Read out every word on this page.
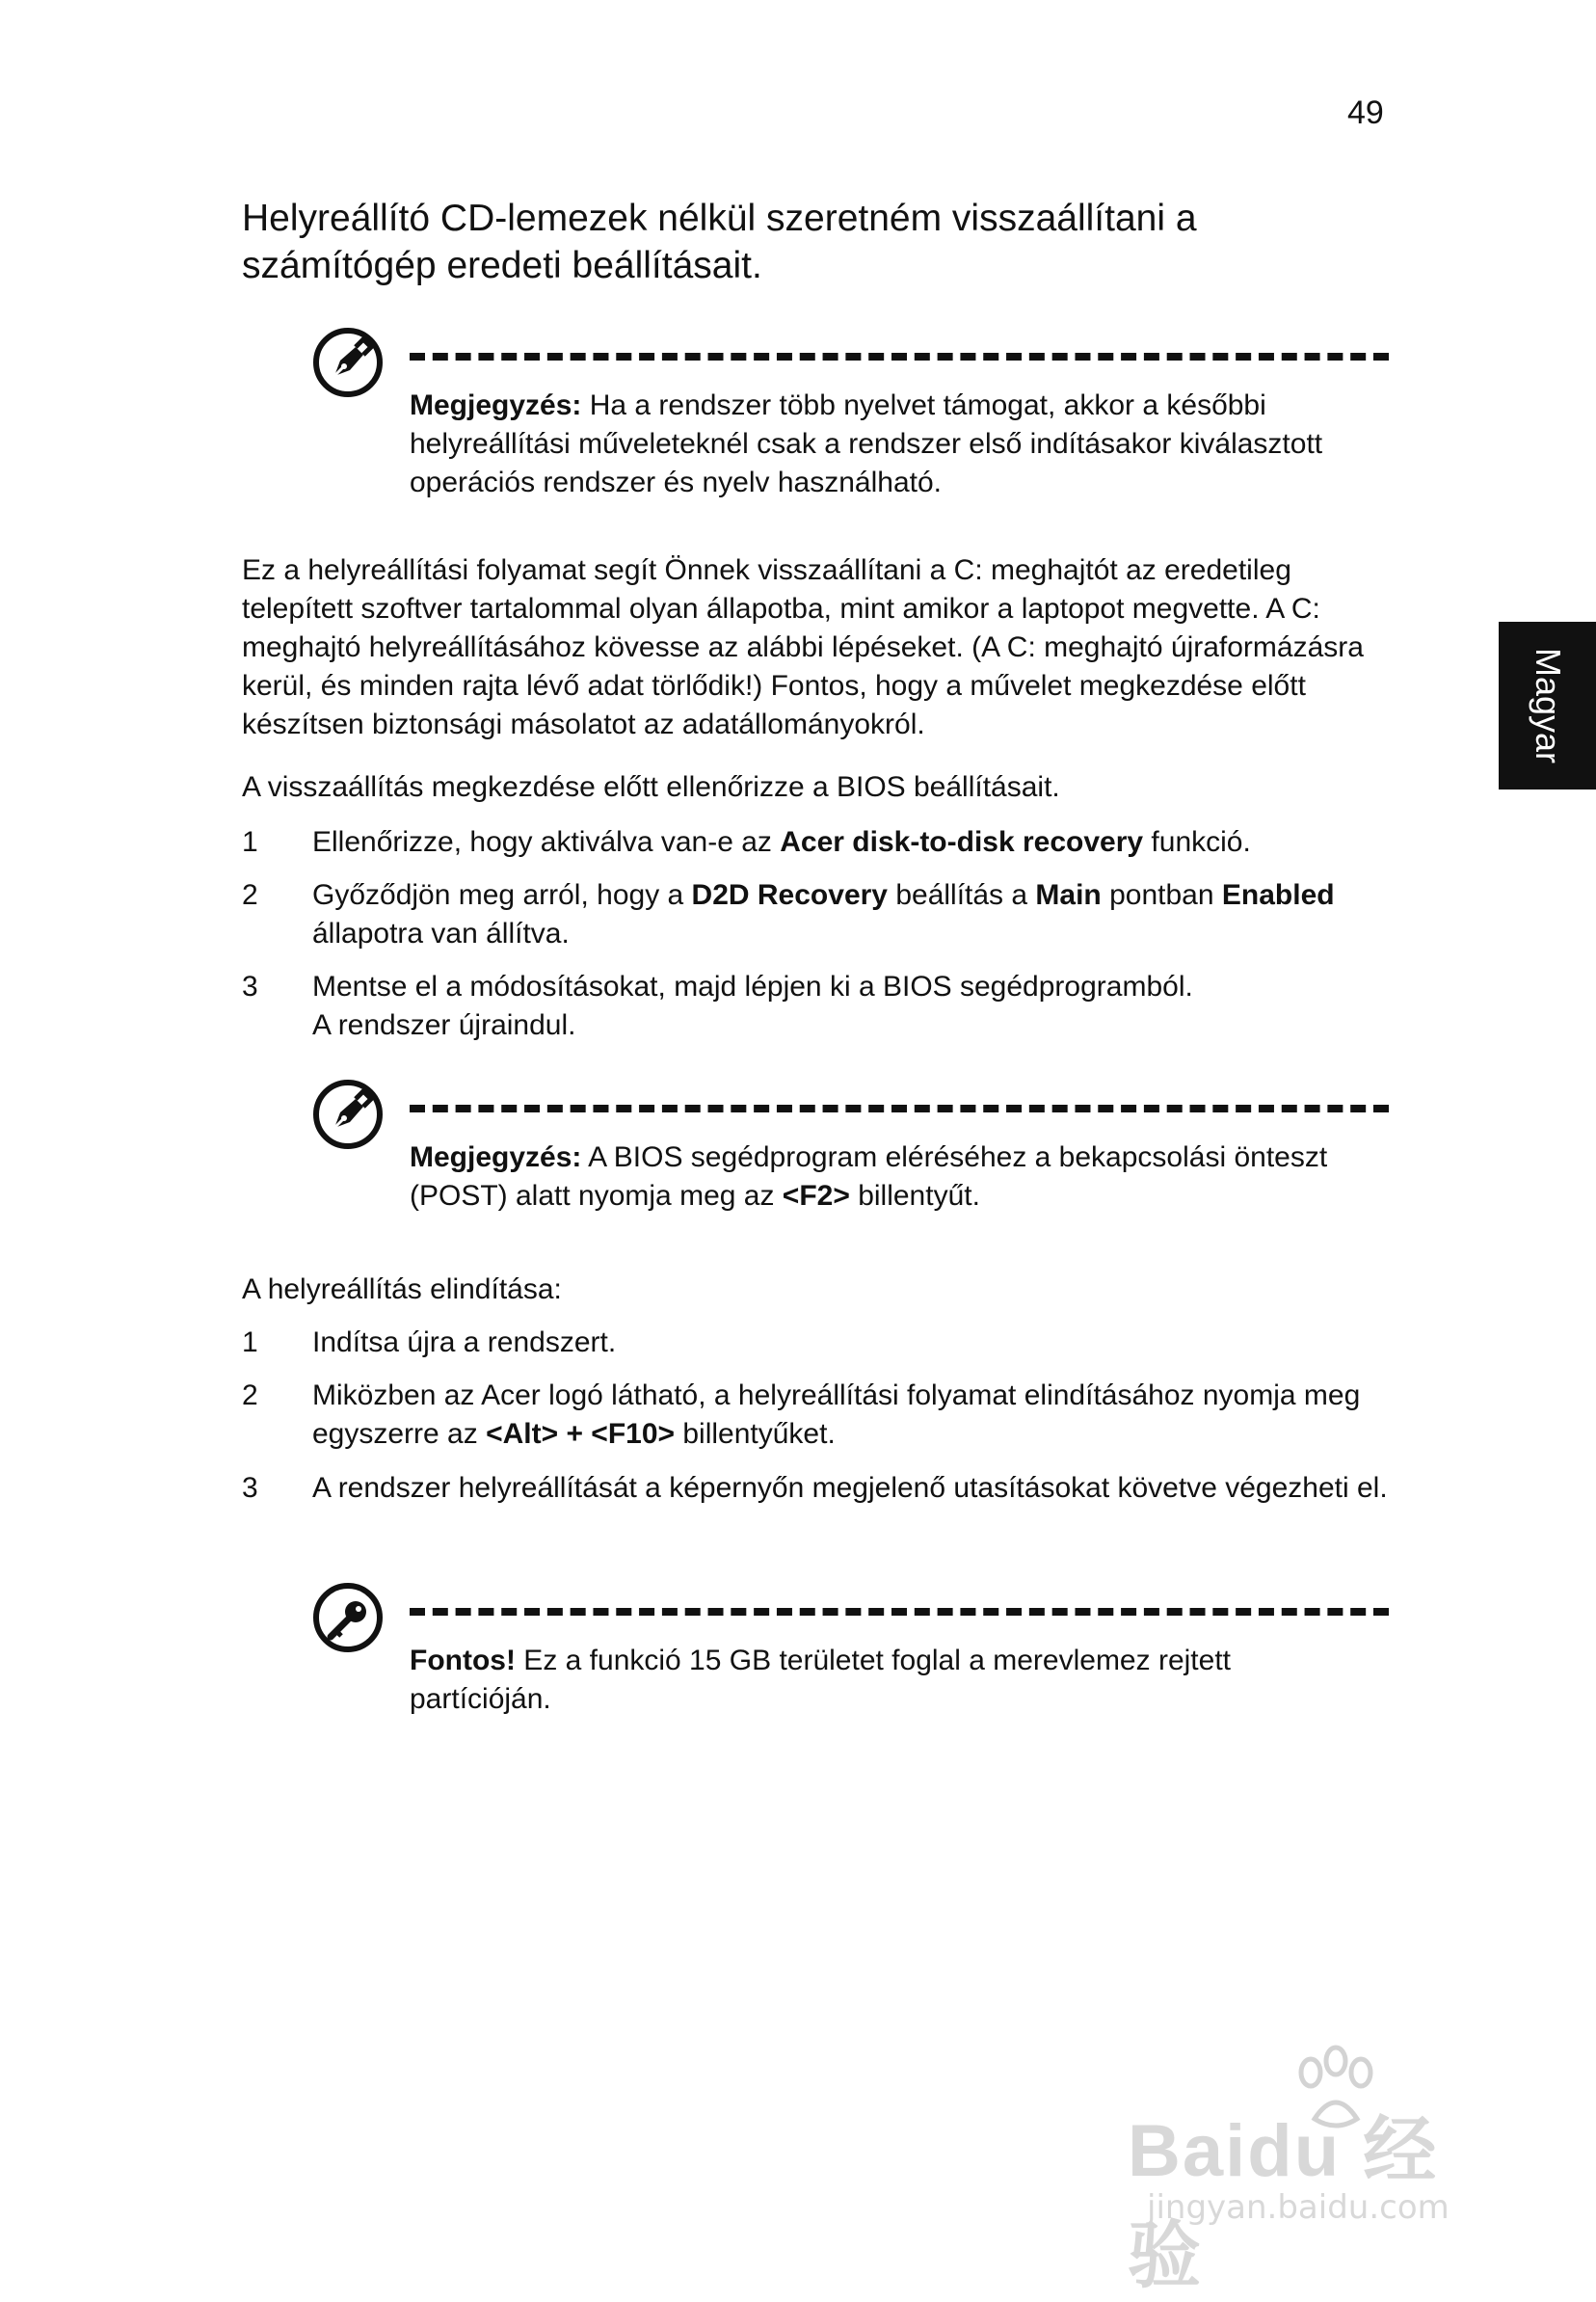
49
Helyreállító CD-lemezek nélkül szeretném visszaállítani a számítógép eredeti beállításait.
Megjegyzés: Ha a rendszer több nyelvet támogat, akkor a későbbi helyreállítási műveleteknél csak a rendszer első indításakor kiválasztott operációs rendszer és nyelv használható.

Ez a helyreállítási folyamat segít Önnek visszaállítani a C: meghajtót az eredetileg telepített szoftver tartalommal olyan állapotba, mint amikor a laptopot megvette. A C: meghajtó helyreállításához kövesse az alábbi lépéseket. (A C: meghajtó újraformázásra kerül, és minden rajta lévő adat törlődik!) Fontos, hogy a művelet megkezdése előtt készítsen biztonsági másolatot az adatállományokról.

A visszaállítás megkezdése előtt ellenőrizze a BIOS beállításait.

1 Ellenőrizze, hogy aktiválva van-e az Acer disk-to-disk recovery funkció.
2 Győződjön meg arról, hogy a D2D Recovery beállítás a Main pontban Enabled állapotra van állítva.
3 Mentse el a módosításokat, majd lépjen ki a BIOS segédprogramból.
A rendszer újraindul.
Megjegyzés: A BIOS segédprogram eléréséhez a bekapcsolási önteszt (POST) alatt nyomja meg az <F2> billentyűt.

A helyreállítás elindítása:

1 Indítsa újra a rendszert.
2 Miközben az Acer logó látható, a helyreállítási folyamat elindításához nyomja meg egyszerre az <Alt> + <F10> billentyűket.
3 A rendszer helyreállítását a képernyőn megjelenő utasításokat követve végezheti el.
Fontos! Ez a funkció 15 GB területet foglal a merevlemez rejtett partícióján.
Magyar
Baidu 经验
jingyan.baidu.com
